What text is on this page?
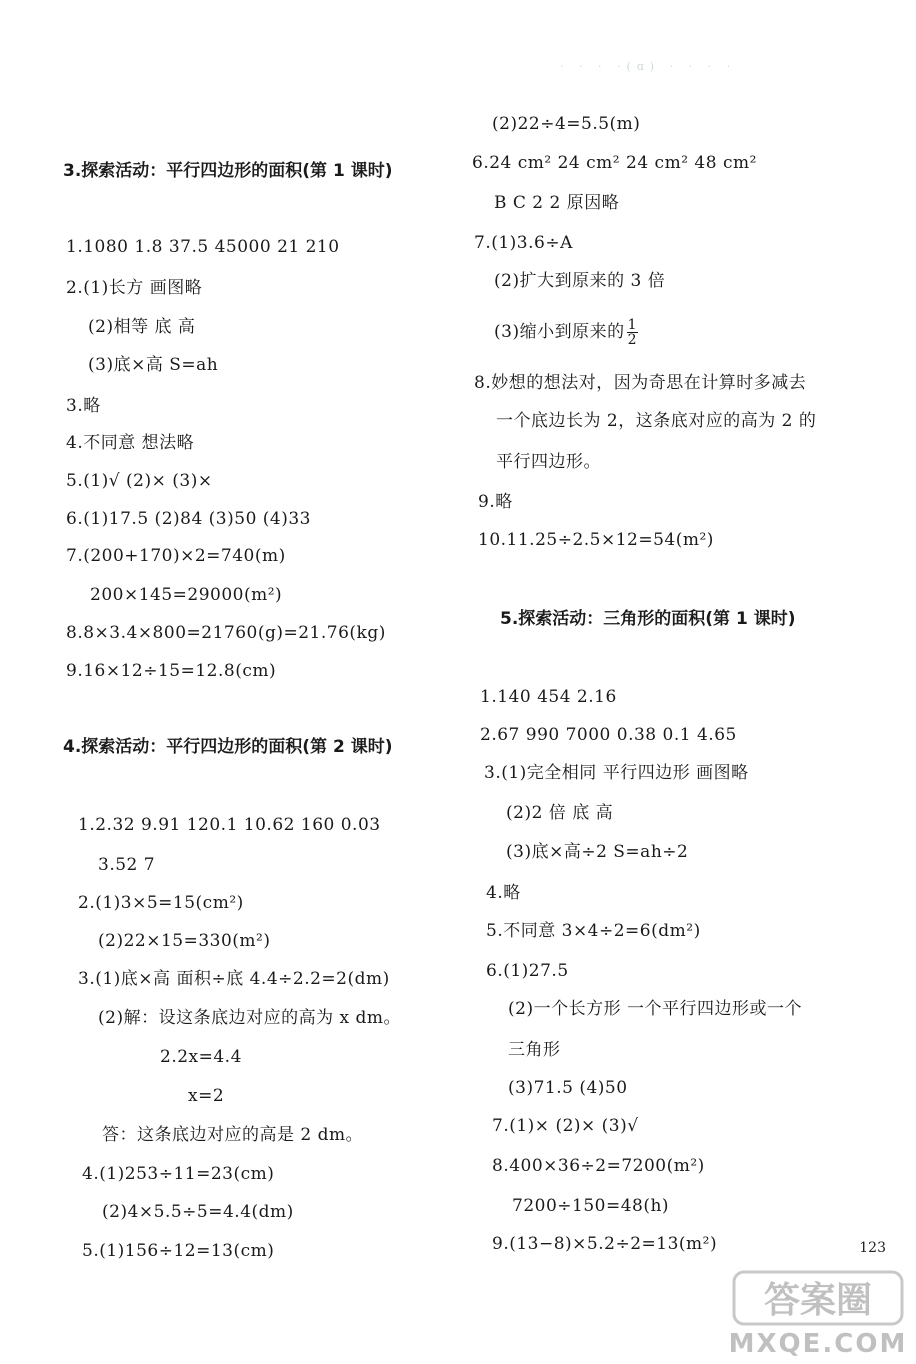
· · · ·(ɑ) · · · ·
3.探索活动：平行四边形的面积(第 1 课时)
1.1080 1.8 37.5 45000 21 210
2.(1)长方 画图略
(2)相等 底 高
(3)底×高 S=ah
3.略
4.不同意 想法略
5.(1)√ (2)× (3)×
6.(1)17.5 (2)84 (3)50 (4)33
7.(200+170)×2=740(m)
200×145=29000(m²)
8.8×3.4×800=21760(g)=21.76(kg)
9.16×12÷15=12.8(cm)
4.探索活动：平行四边形的面积(第 2 课时)
1.2.32 9.91 120.1 10.62 160 0.03
3.52 7
2.(1)3×5=15(cm²)
(2)22×15=330(m²)
3.(1)底×高 面积÷底 4.4÷2.2=2(dm)
(2)解：设这条底边对应的高为 x dm。
2.2x=4.4
x=2
答：这条底边对应的高是 2 dm。
4.(1)253÷11=23(cm)
(2)4×5.5÷5=4.4(dm)
5.(1)156÷12=13(cm)
(2)22÷4=5.5(m)
6.24 cm² 24 cm² 24 cm² 48 cm²
B C 2 2 原因略
7.(1)3.6÷A
(2)扩大到原来的 3 倍
(3)缩小到原来的 $\frac{1}{2}$
8.妙想的想法对，因为奇思在计算时多减去
一个底边长为 2，这条底对应的高为 2 的
平行四边形。
9.略
10.11.25÷2.5×12=54(m²)
5.探索活动：三角形的面积(第 1 课时)
1.140 454 2.16
2.67 990 7000 0.38 0.1 4.65
3.(1)完全相同 平行四边形 画图略
(2)2 倍 底 高
(3)底×高÷2 S=ah÷2
4.略
5.不同意 3×4÷2=6(dm²)
6.(1)27.5
(2)一个长方形 一个平行四边形或一个
三角形
(3)71.5 (4)50
7.(1)× (2)× (3)√
8.400×36÷2=7200(m²)
7200÷150=48(h)
9.(13−8)×5.2÷2=13(m²)	123
答案圈
MXQE.COM
